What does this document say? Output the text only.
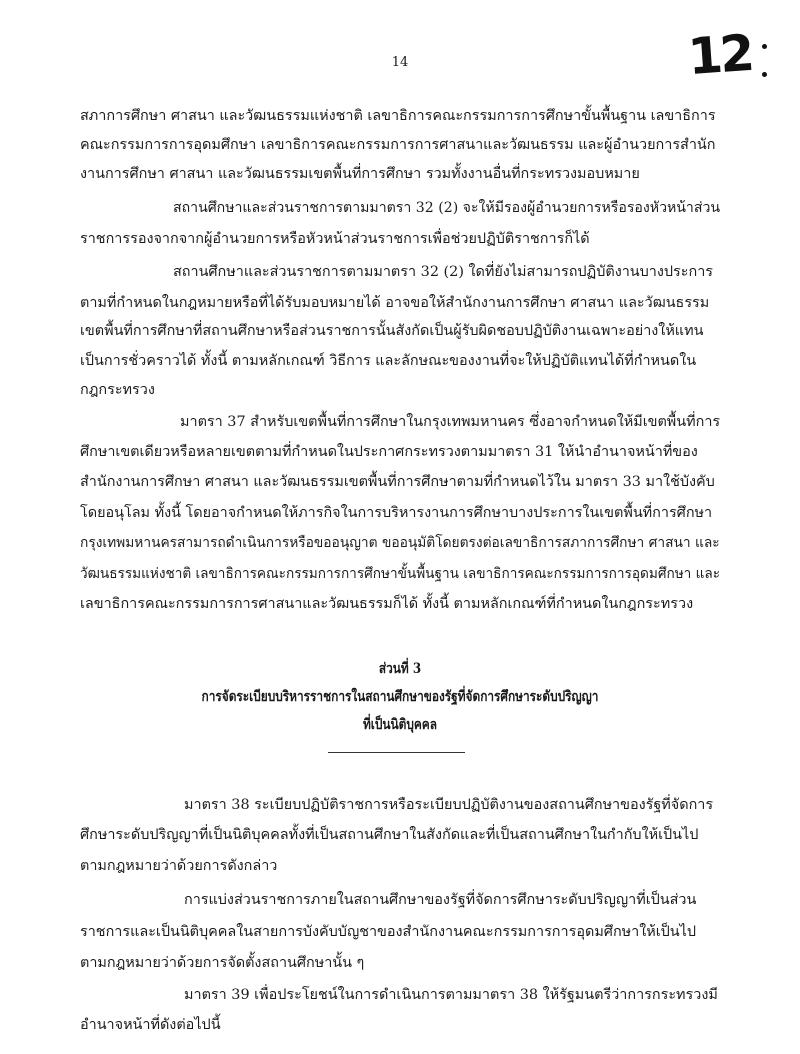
14	12
สภาการศึกษา ศาสนา และวัฒนธรรมแห่งชาติ เลขาธิการคณะกรรมการการศึกษาขั้นพื้นฐาน เลขาธิการ
คณะกรรมการการอุดมศึกษา เลขาธิการคณะกรรมการการศาสนาและวัฒนธรรม และผู้อำนวยการสำนัก
งานการศึกษา ศาสนา และวัฒนธรรมเขตพื้นที่การศึกษา รวมทั้งงานอื่นที่กระทรวงมอบหมาย
สถานศึกษาและส่วนราชการตามมาตรา 32 (2) จะให้มีรองผู้อำนวยการหรือรองหัวหน้าส่วน
ราชการรองจากจากผู้อำนวยการหรือหัวหน้าส่วนราชการเพื่อช่วยปฏิบัติราชการก็ได้
สถานศึกษาและส่วนราชการตามมาตรา 32 (2) ใดที่ยังไม่สามารถปฏิบัติงานบางประการ
ตามที่กำหนดในกฎหมายหรือที่ได้รับมอบหมายได้ อาจขอให้สำนักงานการศึกษา ศาสนา และวัฒนธรรม
เขตพื้นที่การศึกษาที่สถานศึกษาหรือส่วนราชการนั้นสังกัดเป็นผู้รับผิดชอบปฏิบัติงานเฉพาะอย่างให้แทน
เป็นการชั่วคราวได้ ทั้งนี้ ตามหลักเกณฑ์ วิธีการ และลักษณะของงานที่จะให้ปฏิบัติแทนได้ที่กำหนดใน
กฎกระทรวง
มาตรา 37 สำหรับเขตพื้นที่การศึกษาในกรุงเทพมหานคร ซึ่งอาจกำหนดให้มีเขตพื้นที่การ
ศึกษาเขตเดียวหรือหลายเขตตามที่กำหนดในประกาศกระทรวงตามมาตรา 31 ให้นำอำนาจหน้าที่ของ
สำนักงานการศึกษา ศาสนา และวัฒนธรรมเขตพื้นที่การศึกษาตามที่กำหนดไว้ใน มาตรา 33 มาใช้บังคับ
โดยอนุโลม ทั้งนี้ โดยอาจกำหนดให้ภารกิจในการบริหารงานการศึกษาบางประการในเขตพื้นที่การศึกษา
กรุงเทพมหานครสามารถดำเนินการหรือขออนุญาต ขออนุมัติโดยตรงต่อเลขาธิการสภาการศึกษา ศาสนา และ
วัฒนธรรมแห่งชาติ เลขาธิการคณะกรรมการการศึกษาขั้นพื้นฐาน เลขาธิการคณะกรรมการการอุดมศึกษา และ
เลขาธิการคณะกรรมการการศาสนาและวัฒนธรรมก็ได้ ทั้งนี้ ตามหลักเกณฑ์ที่กำหนดในกฎกระทรวง
มาตรา 38 ระเบียบปฏิบัติราชการหรือระเบียบปฏิบัติงานของสถานศึกษาของรัฐที่จัดการ
ศึกษาระดับปริญญาที่เป็นนิติบุคคลทั้งที่เป็นสถานศึกษาในสังกัดและที่เป็นสถานศึกษาในกำกับให้เป็นไป
ตามกฎหมายว่าด้วยการดังกล่าว
การแบ่งส่วนราชการภายในสถานศึกษาของรัฐที่จัดการศึกษาระดับปริญญาที่เป็นส่วน
ราชการและเป็นนิติบุคคลในสายการบังคับบัญชาของสำนักงานคณะกรรมการการอุดมศึกษาให้เป็นไป
ตามกฎหมายว่าด้วยการจัดตั้งสถานศึกษานั้น ๆ
มาตรา 39 เพื่อประโยชน์ในการดำเนินการตามมาตรา 38 ให้รัฐมนตรีว่าการกระทรวงมี
อำนาจหน้าที่ดังต่อไปนี้
ส่วนที่ 3
การจัดระเบียบบริหารราชการในสถานศึกษาของรัฐที่จัดการศึกษาระดับปริญญา
ที่เป็นนิติบุคคล
